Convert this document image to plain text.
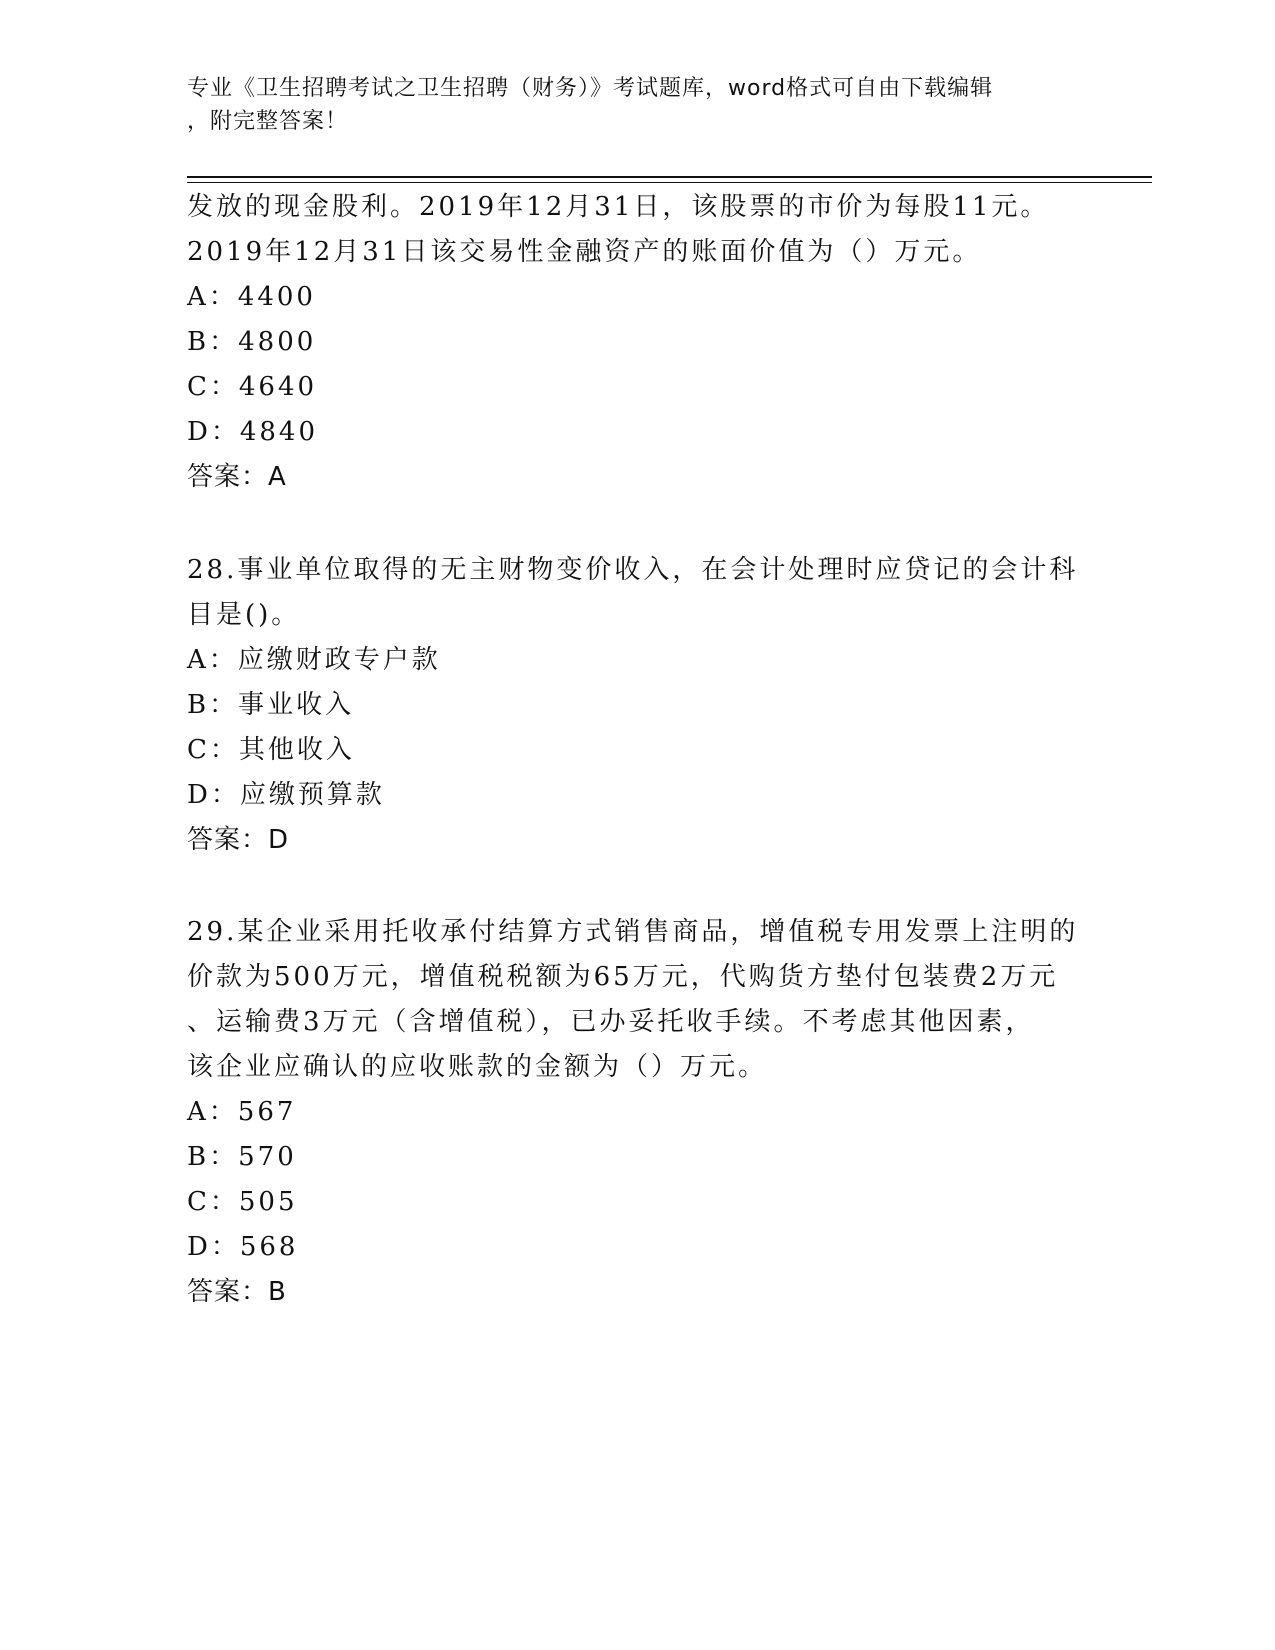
专业《卫生招聘考试之卫生招聘（财务）》考试题库，word格式可自由下载编辑
，附完整答案！
发放的现金股利。2019年12月31日，该股票的市价为每股11元。
2019年12月31日该交易性金融资产的账面价值为（）万元。
A：4400
B：4800
C：4640
D：4840
答案：A
28.事业单位取得的无主财物变价收入，在会计处理时应贷记的会计科
目是()。
A：应缴财政专户款
B：事业收入
C：其他收入
D：应缴预算款
答案：D
29.某企业采用托收承付结算方式销售商品，增值税专用发票上注明的
价款为500万元，增值税税额为65万元，代购货方垫付包装费2万元
、运输费3万元（含增值税），已办妥托收手续。不考虑其他因素，
该企业应确认的应收账款的金额为（）万元。
A：567
B：570
C：505
D：568
答案：B
